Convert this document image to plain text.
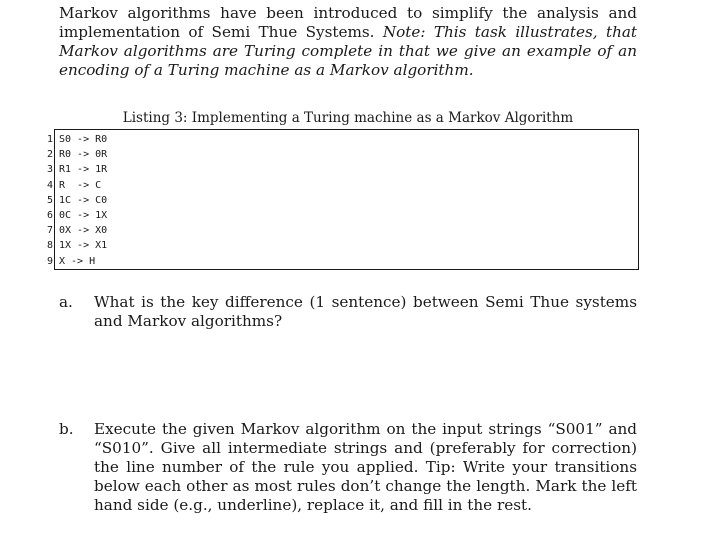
Markov algorithms have been introduced to simplify the analysis and implementation of Semi Thue Systems. Note: This task illustrates, that Markov algorithms are Turing complete in that we give an example of an encoding of a Turing machine as a Markov algorithm.

Listing 3: Implementing a Turing machine as a Markov Algorithm
1 S0 -> R0
2 R0 -> 0R
3 R1 -> 1R
4 R  -> C
5 1C -> C0
6 0C -> 1X
7 0X -> X0
8 1X -> X1
9 X -> H
a. What is the key difference (1 sentence) between Semi Thue systems and Markov algorithms?
b. Execute the given Markov algorithm on the input strings “S001” and “S010”. Give all intermediate strings and (preferably for correction) the line number of the rule you applied. Tip: Write your transitions below each other as most rules don’t change the length. Mark the left hand side (e.g., underline), replace it, and fill in the rest.
